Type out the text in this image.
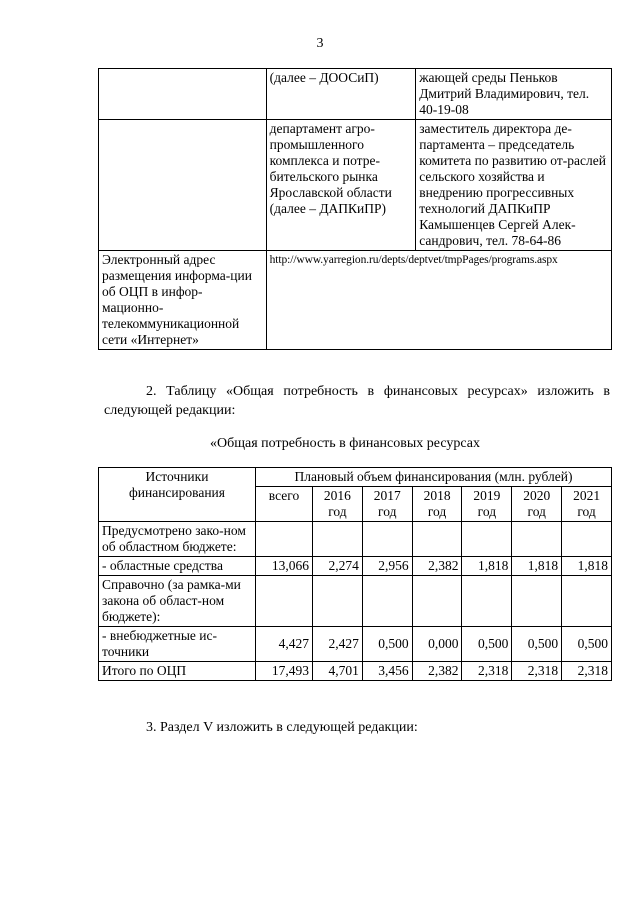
3
	(далее – ДООСиП)	жающей среды Пеньков Дмитрий Владимирович, тел. 40-19-08
	департамент агро-промышленного комплекса и потре-бительского рынка Ярославской области (далее – ДАПКиПР)	заместитель директора де-партамента – председатель комитета по развитию от-раслей сельского хозяйства и внедрению прогрессивных технологий ДАПКиПР Камышенцев Сергей Алек-сандрович, тел. 78-64-86
Электронный адрес размещения информа-ции об ОЦП в инфор-мационно-телекоммуникационной сети «Интернет»	http://www.yarregion.ru/depts/deptvet/tmpPages/programs.aspx	
2. Таблицу «Общая потребность в финансовых ресурсах» изложить в следующей редакции:
«Общая потребность в финансовых ресурсах
Источники финансирования	Плановый объем финансирования (млн. рублей)						
	всего	2016 год	2017 год	2018 год	2019 год	2020 год	2021 год
Предусмотрено зако-ном об областном бюджете:							
- областные средства	13,066	2,274	2,956	2,382	1,818	1,818	1,818
Справочно (за рамка-ми закона об област-ном бюджете):							
- внебюджетные ис-точники	4,427	2,427	0,500	0,000	0,500	0,500	0,500
Итого по ОЦП	17,493	4,701	3,456	2,382	2,318	2,318	2,318
3. Раздел V изложить в следующей редакции:
